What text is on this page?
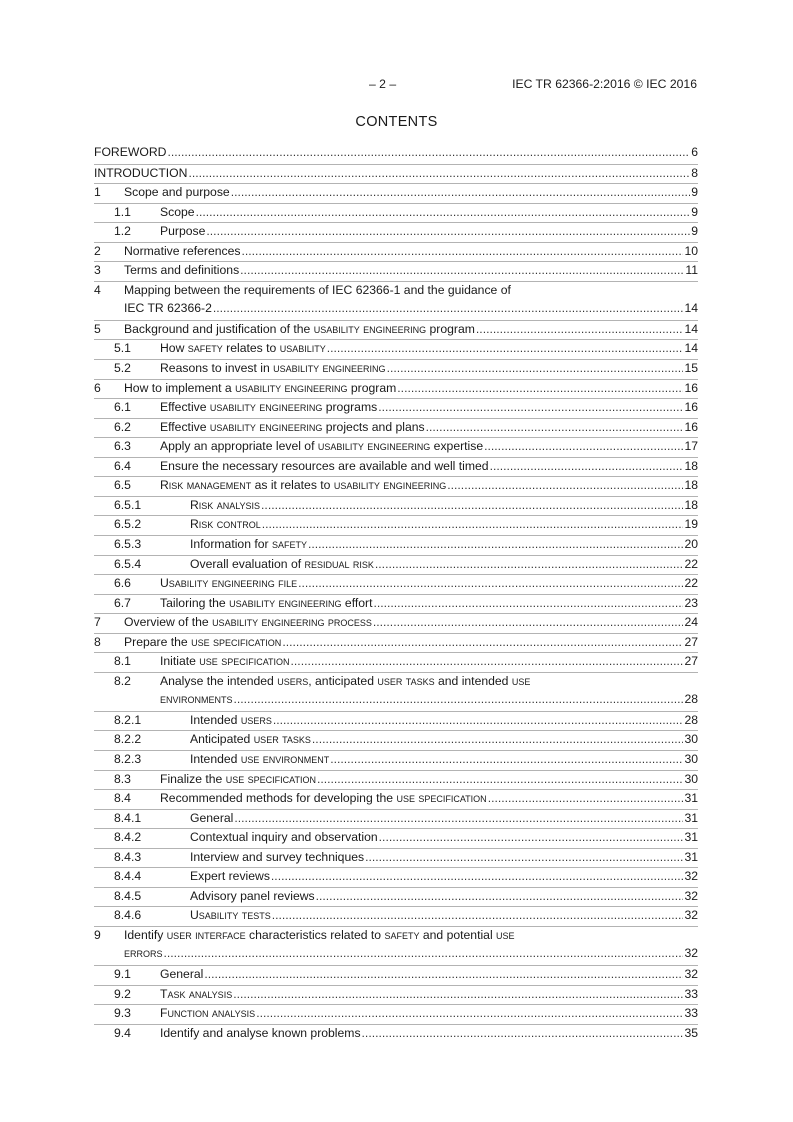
– 2 –	IEC TR 62366-2:2016 © IEC 2016
CONTENTS
FOREWORD .....	6
INTRODUCTION .....	8
1 Scope and purpose .....	9
1.1 Scope .....	9
1.2 Purpose .....	9
2 Normative references .....	10
3 Terms and definitions .....	11
4 Mapping between the requirements of IEC 62366-1 and the guidance of
IEC TR 62366-2 .....	14
5 Background and justification of the usability engineering program .....	14
5.1 How safety relates to usability .....	14
5.2 Reasons to invest in usability engineering .....	15
6 How to implement a usability engineering program .....	16
6.1 Effective usability engineering programs .....	16
6.2 Effective usability engineering projects and plans .....	16
6.3 Apply an appropriate level of usability engineering expertise .....	17
6.4 Ensure the necessary resources are available and well timed .....	18
6.5 Risk management as it relates to usability engineering .....	18
6.5.1	Risk analysis .....	18
6.5.2	Risk control .....	19
6.5.3	Information for safety .....	20
6.5.4	Overall evaluation of residual risk .....	22
6.6 Usability engineering file .....	22
6.7 Tailoring the usability engineering effort .....	23
7 Overview of the usability engineering process .....	24
8 Prepare the use specification .....	27
8.1 Initiate use specification .....	27
8.2 Analyse the intended users, anticipated user tasks and intended use
environments .....	28
8.2.1	Intended users .....	28
8.2.2	Anticipated user tasks .....	30
8.2.3	Intended use environment .....	30
8.3 Finalize the use specification .....	30
8.4 Recommended methods for developing the use specification .....	31
8.4.1	General .....	31
8.4.2	Contextual inquiry and observation .....	31
8.4.3	Interview and survey techniques .....	31
8.4.4	Expert reviews .....	32
8.4.5	Advisory panel reviews .....	32
8.4.6	Usability tests .....	32
9 Identify user interface characteristics related to safety and potential use
errors .....	32
9.1 General .....	32
9.2 Task analysis .....	33
9.3 Function analysis .....	33
9.4 Identify and analyse known problems .....	35
